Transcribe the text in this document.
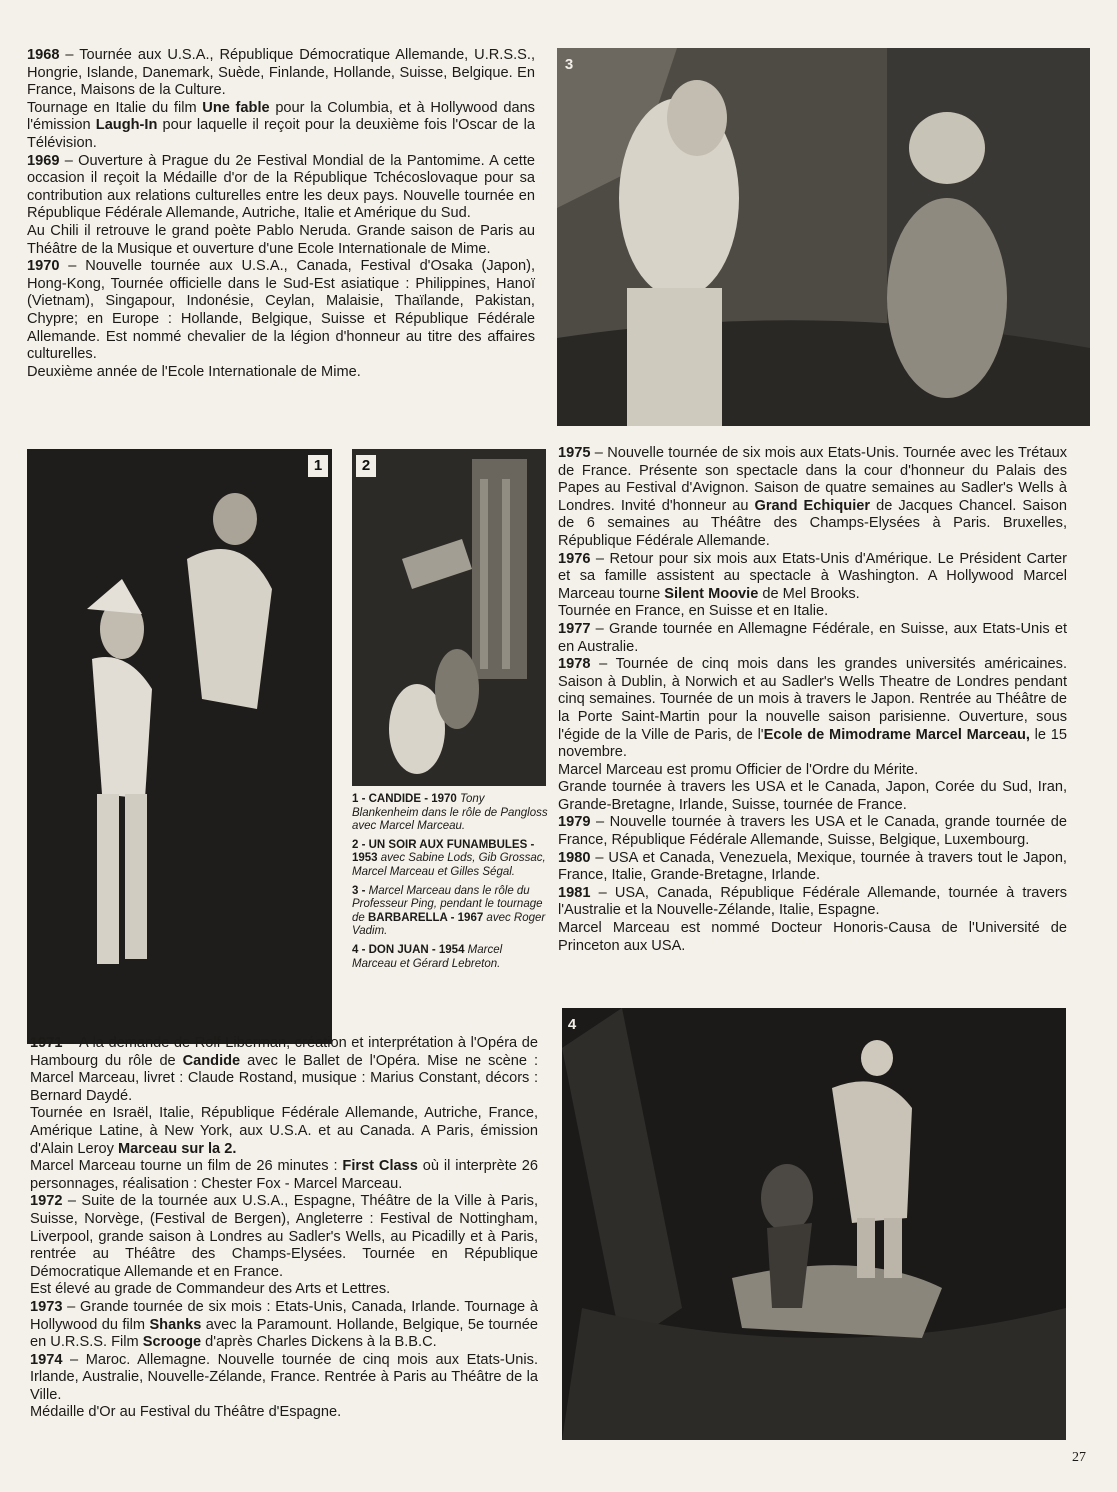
1968 – Tournée aux U.S.A., République Démocratique Allemande, U.R.S.S., Hongrie, Islande, Danemark, Suède, Finlande, Hollande, Suisse, Belgique. En France, Maisons de la Culture.

Tournage en Italie du film Une fable pour la Columbia, et à Hollywood dans l'émission Laugh-In pour laquelle il reçoit pour la deuxième fois l'Oscar de la Télévision.

1969 – Ouverture à Prague du 2e Festival Mondial de la Pantomime. A cette occasion il reçoit la Médaille d'or de la République Tchécoslovaque pour sa contribution aux relations culturelles entre les deux pays. Nouvelle tournée en République Fédérale Allemande, Autriche, Italie et Amérique du Sud.

Au Chili il retrouve le grand poète Pablo Neruda. Grande saison de Paris au Théâtre de la Musique et ouverture d'une Ecole Internationale de Mime.

1970 – Nouvelle tournée aux U.S.A., Canada, Festival d'Osaka (Japon), Hong-Kong, Tournée officielle dans le Sud-Est asiatique : Philippines, Hanoï (Vietnam), Singapour, Indonésie, Ceylan, Malaisie, Thaïlande, Pakistan, Chypre; en Europe : Hollande, Belgique, Suisse et République Fédérale Allemande. Est nommé chevalier de la légion d'honneur au titre des affaires culturelles.

Deuxième année de l'Ecole Internationale de Mime.

3
1	2

1 - CANDIDE - 1970 Tony Blankenheim dans le rôle de Pangloss avec Marcel Marceau.

2 - UN SOIR AUX FUNAMBULES - 1953 avec Sabine Lods, Gib Grossac, Marcel Marceau et Gilles Ségal.

3 - Marcel Marceau dans le rôle du Professeur Ping, pendant le tournage de BARBARELLA - 1967 avec Roger Vadim.

4 - DON JUAN - 1954 Marcel Marceau et Gérard Lebreton.

1975 – Nouvelle tournée de six mois aux Etats-Unis. Tournée avec les Trétaux de France. Présente son spectacle dans la cour d'honneur du Palais des Papes au Festival d'Avignon. Saison de quatre semaines au Sadler's Wells à Londres. Invité d'honneur au Grand Echiquier de Jacques Chancel. Saison de 6 semaines au Théâtre des Champs-Elysées à Paris. Bruxelles, République Fédérale Allemande.

1976 – Retour pour six mois aux Etats-Unis d'Amérique. Le Président Carter et sa famille assistent au spectacle à Washington. A Hollywood Marcel Marceau tourne Silent Moovie de Mel Brooks.

Tournée en France, en Suisse et en Italie.

1977 – Grande tournée en Allemagne Fédérale, en Suisse, aux Etats-Unis et en Australie.

1978 – Tournée de cinq mois dans les grandes universités américaines. Saison à Dublin, à Norwich et au Sadler's Wells Theatre de Londres pendant cinq semaines. Tournée de un mois à travers le Japon. Rentrée au Théâtre de la Porte Saint-Martin pour la nouvelle saison parisienne. Ouverture, sous l'égide de la Ville de Paris, de l'Ecole de Mimodrame Marcel Marceau, le 15 novembre.

Marcel Marceau est promu Officier de l'Ordre du Mérite.

Grande tournée à travers les USA et le Canada, Japon, Corée du Sud, Iran, Grande-Bretagne, Irlande, Suisse, tournée de France.

1979 – Nouvelle tournée à travers les USA et le Canada, grande tournée de France, République Fédérale Allemande, Suisse, Belgique, Luxembourg.

1980 – USA et Canada, Venezuela, Mexique, tournée à travers tout le Japon, France, Italie, Grande-Bretagne, Irlande.

1981 – USA, Canada, République Fédérale Allemande, tournée à travers l'Australie et la Nouvelle-Zélande, Italie, Espagne.

Marcel Marceau est nommé Docteur Honoris-Causa de l'Université de Princeton aux USA.

1971 – A la demande de Rolf Liberman, création et interprétation à l'Opéra de Hambourg du rôle de Candide avec le Ballet de l'Opéra. Mise ne scène : Marcel Marceau, livret : Claude Rostand, musique : Marius Constant, décors : Bernard Daydé.

Tournée en Israël, Italie, République Fédérale Allemande, Autriche, France, Amérique Latine, à New York, aux U.S.A. et au Canada. A Paris, émission d'Alain Leroy Marceau sur la 2.

Marcel Marceau tourne un film de 26 minutes : First Class où il interprète 26 personnages, réalisation : Chester Fox - Marcel Marceau.

1972 – Suite de la tournée aux U.S.A., Espagne, Théâtre de la Ville à Paris, Suisse, Norvège, (Festival de Bergen), Angleterre : Festival de Nottingham, Liverpool, grande saison à Londres au Sadler's Wells, au Picadilly et à Paris, rentrée au Théâtre des Champs-Elysées. Tournée en République Démocratique Allemande et en France.

Est élevé au grade de Commandeur des Arts et Lettres.

1973 – Grande tournée de six mois : Etats-Unis, Canada, Irlande. Tournage à Hollywood du film Shanks avec la Paramount. Hollande, Belgique, 5e tournée en U.R.S.S. Film Scrooge d'après Charles Dickens à la B.B.C.

1974 – Maroc. Allemagne. Nouvelle tournée de cinq mois aux Etats-Unis. Irlande, Australie, Nouvelle-Zélande, France. Rentrée à Paris au Théâtre de la Ville.

Médaille d'Or au Festival du Théâtre d'Espagne.

4
27
